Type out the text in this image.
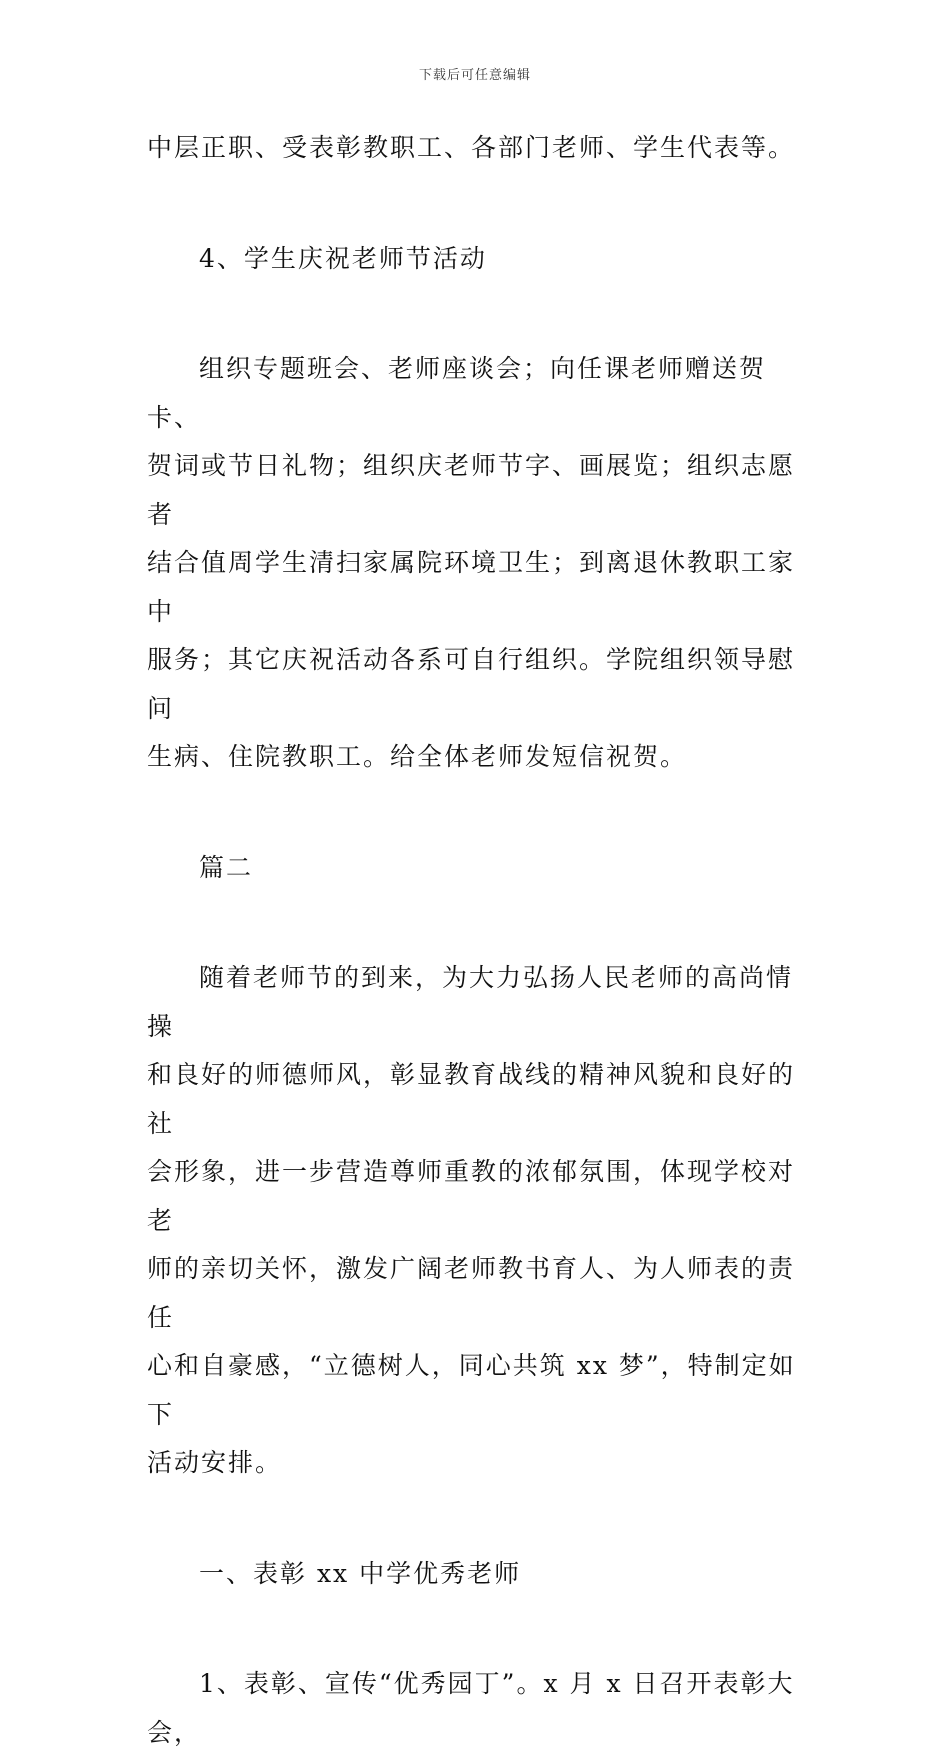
下载后可任意编辑
中层正职、受表彰教职工、各部门老师、学生代表等。
4、学生庆祝老师节活动
组织专题班会、老师座谈会；向任课老师赠送贺卡、
贺词或节日礼物；组织庆老师节字、画展览；组织志愿者
结合值周学生清扫家属院环境卫生；到离退休教职工家中
服务；其它庆祝活动各系可自行组织。学院组织领导慰问
生病、住院教职工。给全体老师发短信祝贺。
篇二
随着老师节的到来，为大力弘扬人民老师的高尚情操
和良好的师德师风，彰显教育战线的精神风貌和良好的社
会形象，进一步营造尊师重教的浓郁氛围，体现学校对老
师的亲切关怀，激发广阔老师教书育人、为人师表的责任
心和自豪感，“立德树人，同心共筑 xx 梦”，特制定如下
活动安排。
一、表彰 xx 中学优秀老师
1、表彰、宣传“优秀园丁”。x 月 x 日召开表彰大会，
